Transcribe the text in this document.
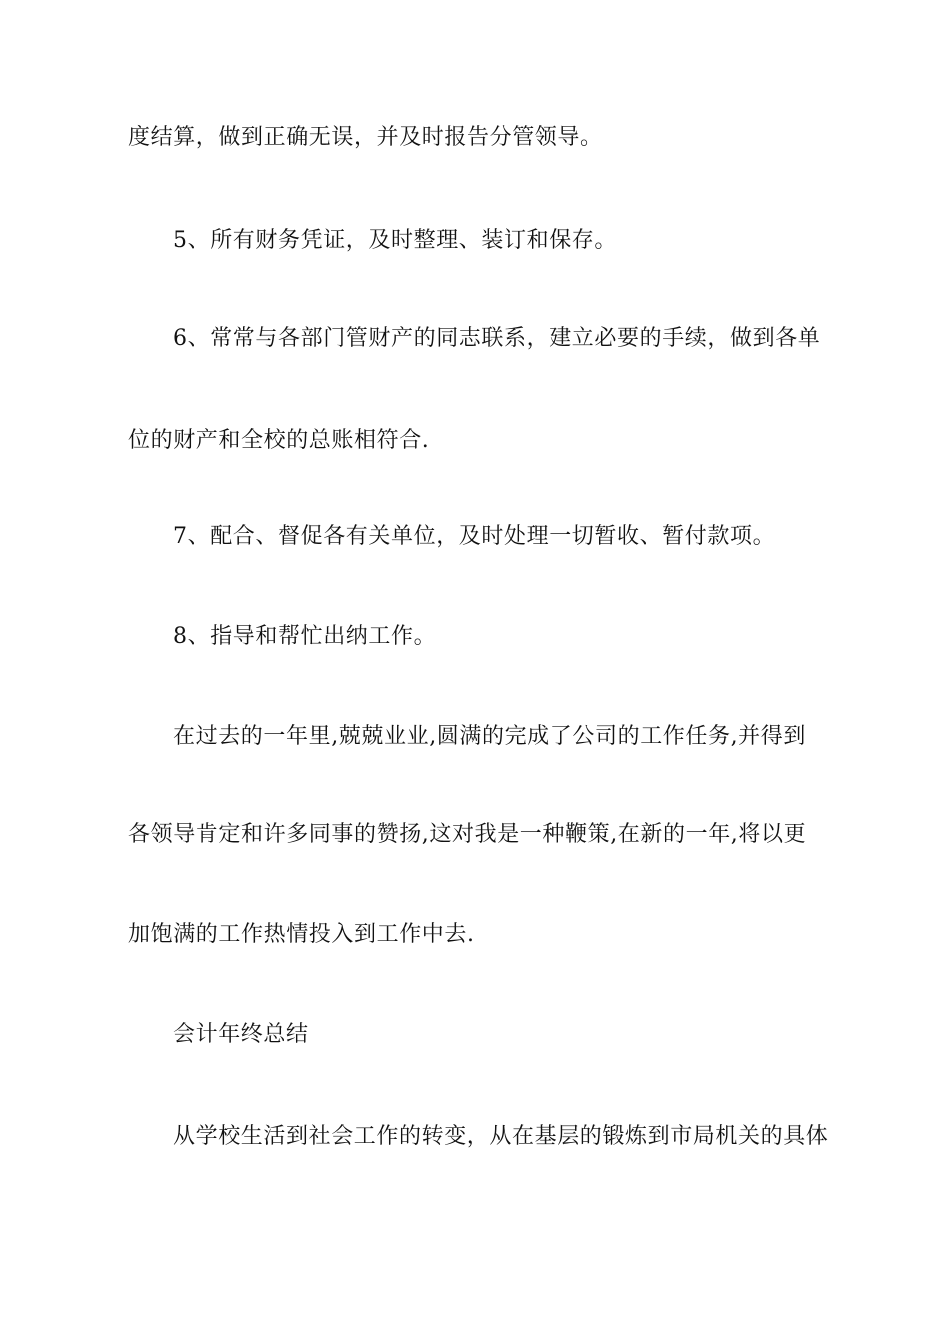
度结算，做到正确无误，并及时报告分管领导。
5、所有财务凭证，及时整理、装订和保存。
6、常常与各部门管财产的同志联系，建立必要的手续，做到各单
位的财产和全校的总账相符合.
7、配合、督促各有关单位，及时处理一切暂收、暂付款项。
8、指导和帮忙出纳工作。
在过去的一年里,兢兢业业,圆满的完成了公司的工作任务,并得到
各领导肯定和许多同事的赞扬,这对我是一种鞭策,在新的一年,将以更
加饱满的工作热情投入到工作中去.
会计年终总结
从学校生活到社会工作的转变，从在基层的锻炼到市局机关的具体
